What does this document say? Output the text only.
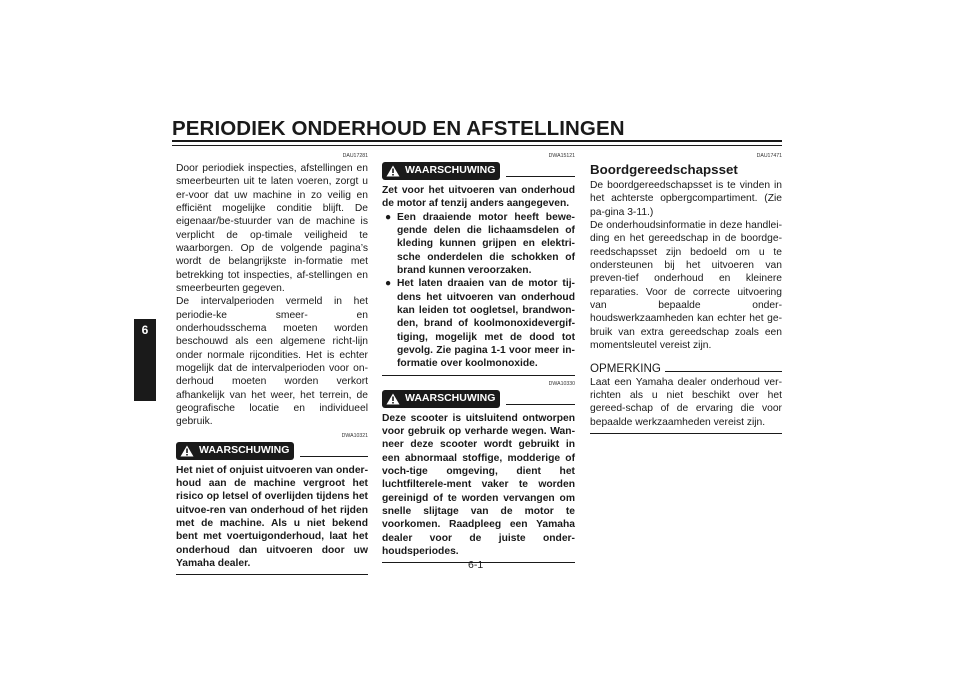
PERIODIEK ONDERHOUD EN AFSTELLINGEN
6
DAU17281

Door periodiek inspecties, afstellingen en smeerbeurten uit te laten voeren, zorgt u er-voor dat uw machine in zo veilig en efficiënt mogelijke conditie blijft. De eigenaar/be-stuurder van de machine is verplicht de op-timale veiligheid te waarborgen. Op de volgende pagina’s wordt de belangrijkste in-formatie met betrekking tot inspecties, af-stellingen en smeerbeurten gegeven.

De intervalperioden vermeld in het periodie-ke smeer- en onderhoudsschema moeten worden beschouwd als een algemene richt-lijn onder normale rijcondities. Het is echter mogelijk dat de intervalperioden voor on-derhoud moeten worden verkort afhankelijk van het weer, het terrein, de geografische locatie en individueel gebruik.

DWA10321
WAARSCHUWING

Het niet of onjuist uitvoeren van onder-houd aan de machine vergroot het risico op letsel of overlijden tijdens het uitvoe-ren van onderhoud of het rijden met de machine. Als u niet bekend bent met voertuigonderhoud, laat het onderhoud dan uitvoeren door uw Yamaha dealer.

DWA15121
WAARSCHUWING

Zet voor het uitvoeren van onderhoud de motor af tenzij anders aangegeven.

● Een draaiende motor heeft bewe-gende delen die lichaamsdelen of kleding kunnen grijpen en elektri-sche onderdelen die schokken of brand kunnen veroorzaken.
● Het laten draaien van de motor tij-dens het uitvoeren van onderhoud kan leiden tot oogletsel, brandwon-den, brand of koolmonoxidevergif-tiging, mogelijk met de dood tot gevolg. Zie pagina 1-1 voor meer in-formatie over koolmonoxide.
DWA10330
WAARSCHUWING

Deze scooter is uitsluitend ontworpen voor gebruik op verharde wegen. Wan-neer deze scooter wordt gebruikt in een abnormaal stoffige, modderige of voch-tige omgeving, dient het luchtfilterele-ment vaker te worden gereinigd of te worden vervangen om snelle slijtage van de motor te voorkomen. Raadpleeg een Yamaha dealer voor de juiste onder-houdsperiodes.

DAU17471
Boordgereedschapsset

De boordgereedschapsset is te vinden in het achterste opbergcompartiment. (Zie pa-gina 3-11.)

De onderhoudsinformatie in deze handlei-ding en het gereedschap in de boordge-reedschapsset zijn bedoeld om u te ondersteunen bij het uitvoeren van preven-tief onderhoud en kleinere reparaties. Voor de correcte uitvoering van bepaalde onder-houdswerkzaamheden kan echter het ge-bruik van extra gereedschap zoals een momentsleutel vereist zijn.

OPMERKING

Laat een Yamaha dealer onderhoud ver-richten als u niet beschikt over het gereed-schap of de ervaring die voor bepaalde werkzaamheden vereist zijn.

6-1
